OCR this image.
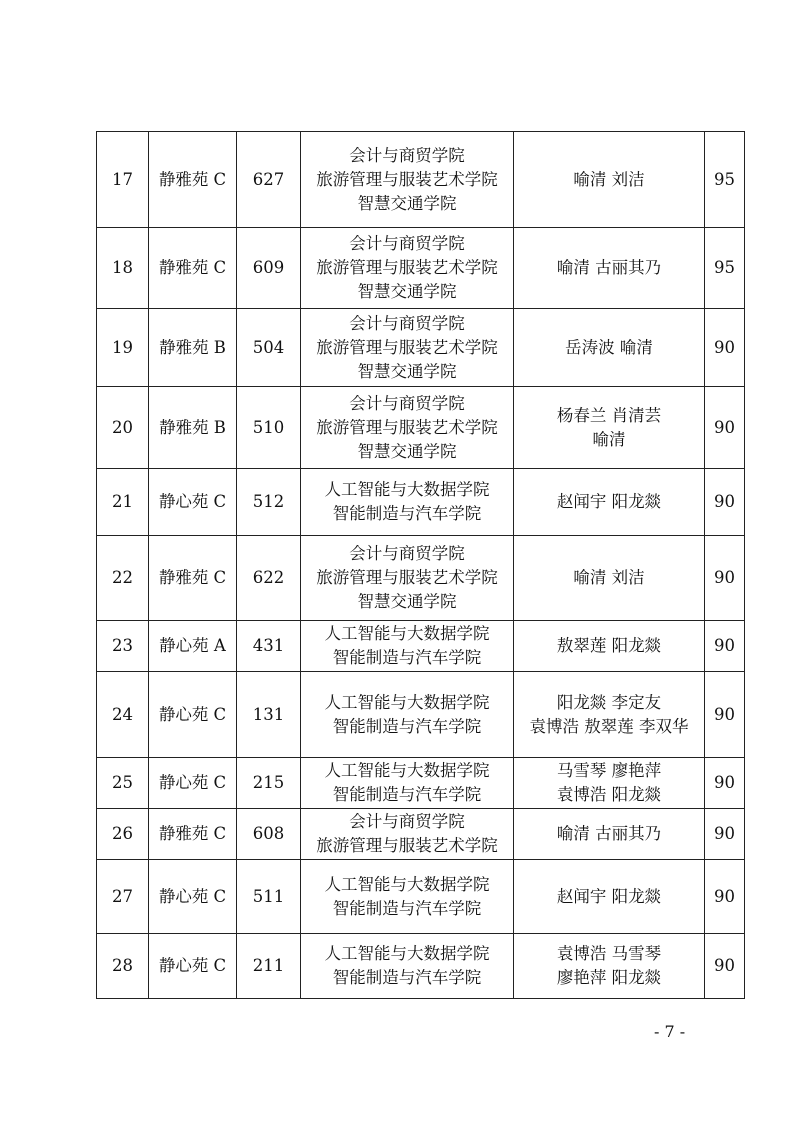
17	静雅苑 C	627	会计与商贸学院
旅游管理与服装艺术学院
智慧交通学院	喻清 刘洁	95
18	静雅苑 C	609	会计与商贸学院
旅游管理与服装艺术学院
智慧交通学院	喻清 古丽其乃	95
19	静雅苑 B	504	会计与商贸学院
旅游管理与服装艺术学院
智慧交通学院	岳涛波 喻清	90
20	静雅苑 B	510	会计与商贸学院
旅游管理与服装艺术学院
智慧交通学院	杨春兰 肖清芸
喻清	90
21	静心苑 C	512	人工智能与大数据学院
智能制造与汽车学院	赵闻宇 阳龙燚	90
22	静雅苑 C	622	会计与商贸学院
旅游管理与服装艺术学院
智慧交通学院	喻清 刘洁	90
23	静心苑 A	431	人工智能与大数据学院
智能制造与汽车学院	敖翠莲 阳龙燚	90
24	静心苑 C	131	人工智能与大数据学院
智能制造与汽车学院	阳龙燚 李定友
袁博浩 敖翠莲 李双华	90
25	静心苑 C	215	人工智能与大数据学院
智能制造与汽车学院	马雪琴 廖艳萍
袁博浩 阳龙燚	90
26	静雅苑 C	608	会计与商贸学院
旅游管理与服装艺术学院	喻清 古丽其乃	90
27	静心苑 C	511	人工智能与大数据学院
智能制造与汽车学院	赵闻宇 阳龙燚	90
28	静心苑 C	211	人工智能与大数据学院
智能制造与汽车学院	袁博浩 马雪琴
廖艳萍 阳龙燚	90
- 7 -
